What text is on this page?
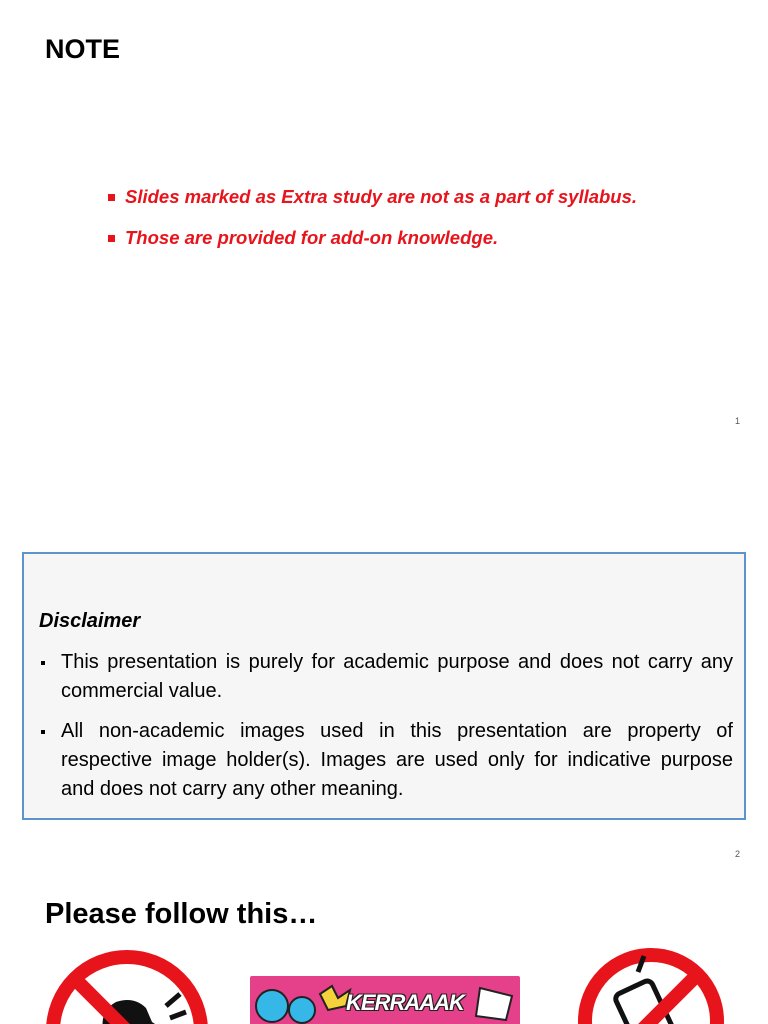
NOTE
Slides marked as Extra study are not as a part of syllabus.
Those are provided for add-on knowledge.
1
Disclaimer
This presentation is purely for academic purpose and does not carry any commercial value.
All non-academic images used in this presentation are property of respective image holder(s). Images are used only for indicative purpose and does not carry any other meaning.
2
Please follow this…
KERRAAAK
